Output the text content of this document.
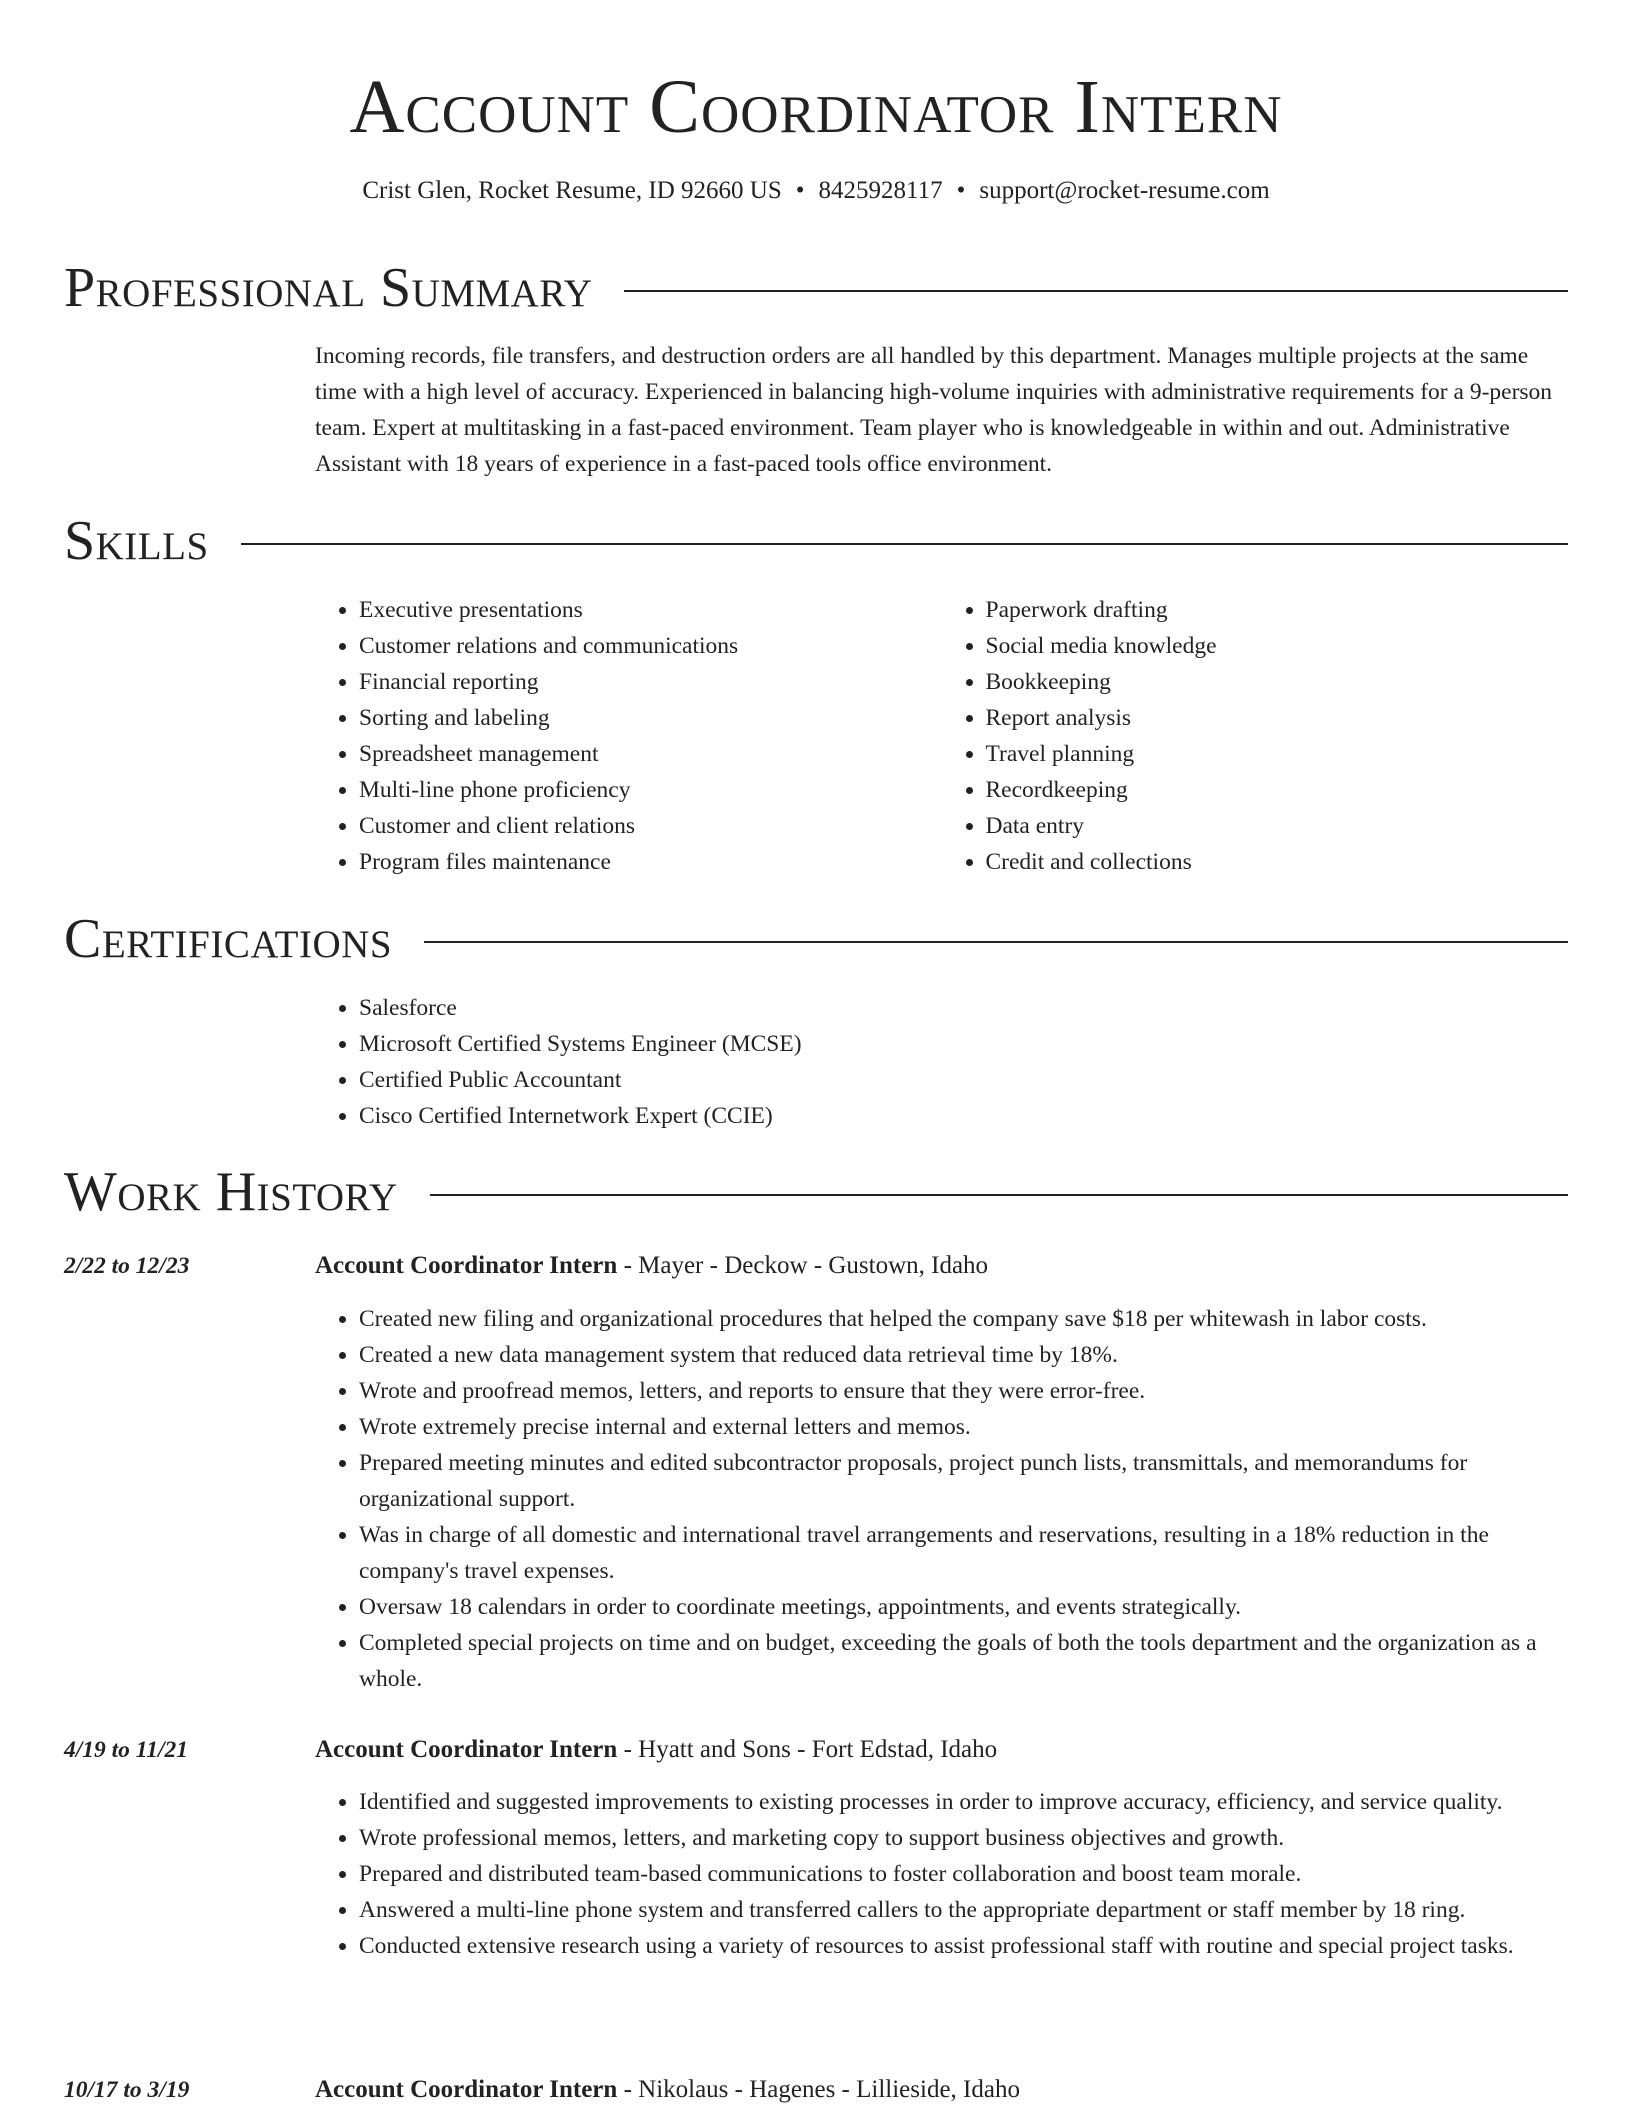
Account Coordinator Intern
Crist Glen, Rocket Resume, ID 92660 US • 8425928117 • support@rocket-resume.com
Professional Summary

Incoming records, file transfers, and destruction orders are all handled by this department. Manages multiple projects at the same time with a high level of accuracy. Experienced in balancing high-volume inquiries with administrative requirements for a 9-person team. Expert at multitasking in a fast-paced environment. Team player who is knowledgeable in within and out. Administrative Assistant with 18 years of experience in a fast-paced tools office environment.

Skills
• Executive presentations
• Customer relations and communications
• Financial reporting
• Sorting and labeling
• Spreadsheet management
• Multi-line phone proficiency
• Customer and client relations
• Program files maintenance
• Paperwork drafting
• Social media knowledge
• Bookkeeping
• Report analysis
• Travel planning
• Recordkeeping
• Data entry
• Credit and collections
Certifications
• Salesforce
• Microsoft Certified Systems Engineer (MCSE)
• Certified Public Accountant
• Cisco Certified Internetwork Expert (CCIE)
Work History
2/22 to 12/23	Account Coordinator Intern - Mayer - Deckow - Gustown, Idaho
• Created new filing and organizational procedures that helped the company save $18 per whitewash in labor costs.
• Created a new data management system that reduced data retrieval time by 18%.
• Wrote and proofread memos, letters, and reports to ensure that they were error-free.
• Wrote extremely precise internal and external letters and memos.
• Prepared meeting minutes and edited subcontractor proposals, project punch lists, transmittals, and memorandums for organizational support.
• Was in charge of all domestic and international travel arrangements and reservations, resulting in a 18% reduction in the company's travel expenses.
• Oversaw 18 calendars in order to coordinate meetings, appointments, and events strategically.
• Completed special projects on time and on budget, exceeding the goals of both the tools department and the organization as a whole.
4/19 to 11/21	Account Coordinator Intern - Hyatt and Sons - Fort Edstad, Idaho
• Identified and suggested improvements to existing processes in order to improve accuracy, efficiency, and service quality.
• Wrote professional memos, letters, and marketing copy to support business objectives and growth.
• Prepared and distributed team-based communications to foster collaboration and boost team morale.
• Answered a multi-line phone system and transferred callers to the appropriate department or staff member by 18 ring.
• Conducted extensive research using a variety of resources to assist professional staff with routine and special project tasks.
10/17 to 3/19	Account Coordinator Intern - Nikolaus - Hagenes - Lillieside, Idaho
